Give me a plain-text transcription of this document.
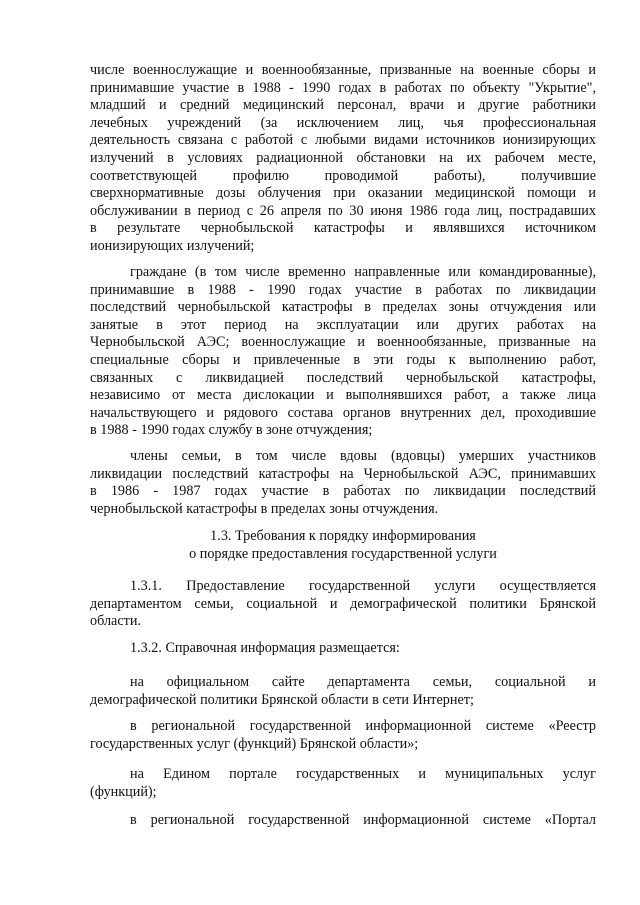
числе военнослужащие и военнообязанные, призванные на военные сборы и
принимавшие участие в 1988 - 1990 годах в работах по объекту "Укрытие",
младший и средний медицинский персонал, врачи и другие работники
лечебных учреждений (за исключением лиц, чья профессиональная
деятельность связана с работой с любыми видами источников ионизирующих
излучений в условиях радиационной обстановки на их рабочем месте,
соответствующей профилю проводимой работы), получившие
сверхнормативные дозы облучения при оказании медицинской помощи и
обслуживании в период с 26 апреля по 30 июня 1986 года лиц, пострадавших
в результате чернобыльской катастрофы и являвшихся источником
ионизирующих излучений;
граждане (в том числе временно направленные или командированные),
принимавшие в 1988 - 1990 годах участие в работах по ликвидации
последствий чернобыльской катастрофы в пределах зоны отчуждения или
занятые в этот период на эксплуатации или других работах на
Чернобыльской АЭС; военнослужащие и военнообязанные, призванные на
специальные сборы и привлеченные в эти годы к выполнению работ,
связанных с ликвидацией последствий чернобыльской катастрофы,
независимо от места дислокации и выполнявшихся работ, а также лица
начальствующего и рядового состава органов внутренних дел, проходившие
в 1988 - 1990 годах службу в зоне отчуждения;
члены семьи, в том числе вдовы (вдовцы) умерших участников
ликвидации последствий катастрофы на Чернобыльской АЭС, принимавших
в 1986 - 1987 годах участие в работах по ликвидации последствий
чернобыльской катастрофы в пределах зоны отчуждения.
1.3. Требования к порядку информирования
о порядке предоставления государственной услуги
1.3.1. Предоставление государственной услуги осуществляется
департаментом семьи, социальной и демографической политики Брянской
области.
1.3.2. Справочная информация размещается:
на официальном сайте департамента семьи, социальной и
демографической политики Брянской области в сети Интернет;
в региональной государственной информационной системе «Реестр
государственных услуг (функций) Брянской области»;
на Едином портале государственных и муниципальных услуг
(функций);
в региональной государственной информационной системе «Портал
